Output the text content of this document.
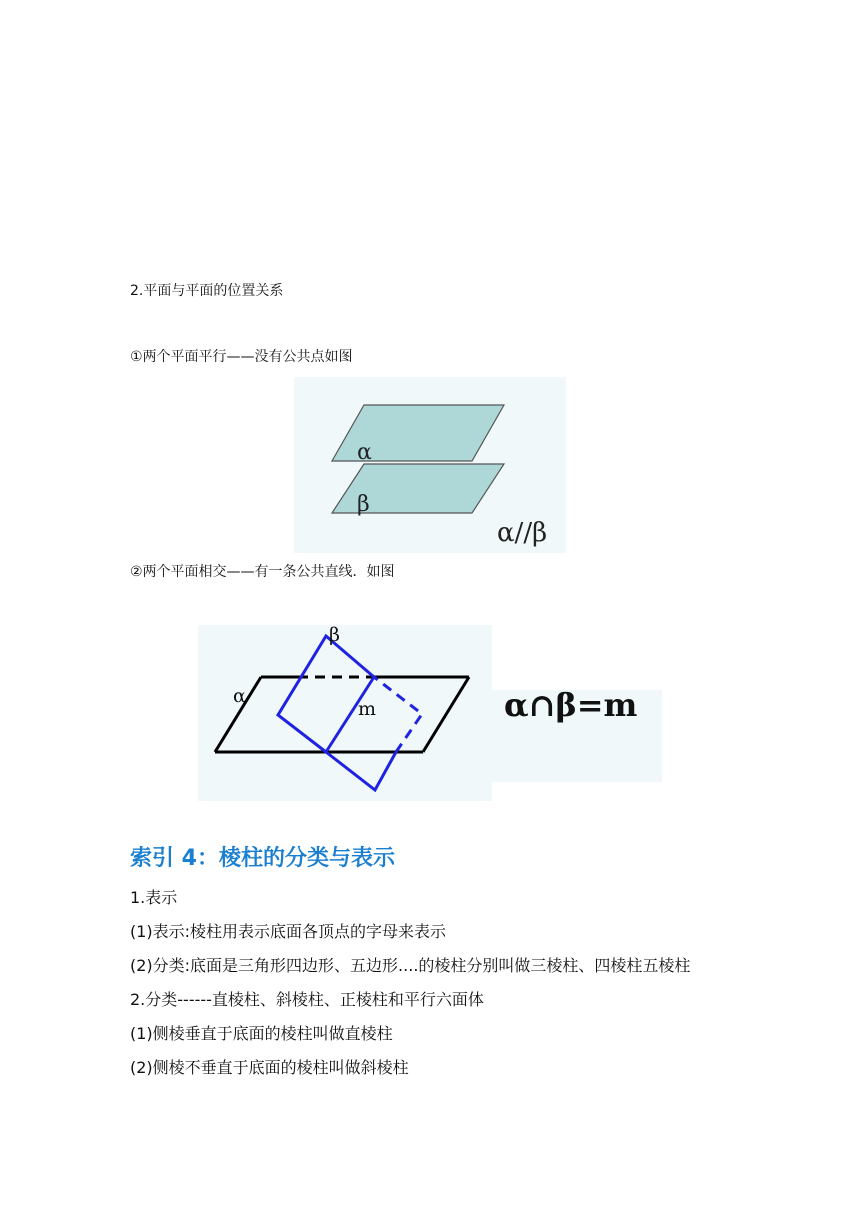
2.平面与平面的位置关系
①两个平面平行——没有公共点如图
α
β
α//β
②两个平面相交——有一条公共直线．如图
β
α
m	α∩β=m
索引 4：棱柱的分类与表示
1.表示
(1)表示:棱柱用表示底面各顶点的字母来表示
(2)分类:底面是三角形四边形、五边形....的棱柱分别叫做三棱柱、四棱柱五棱柱
2.分类------直棱柱、斜棱柱、正棱柱和平行六面体
(1)侧棱垂直于底面的棱柱叫做直棱柱
(2)侧棱不垂直于底面的棱柱叫做斜棱柱
